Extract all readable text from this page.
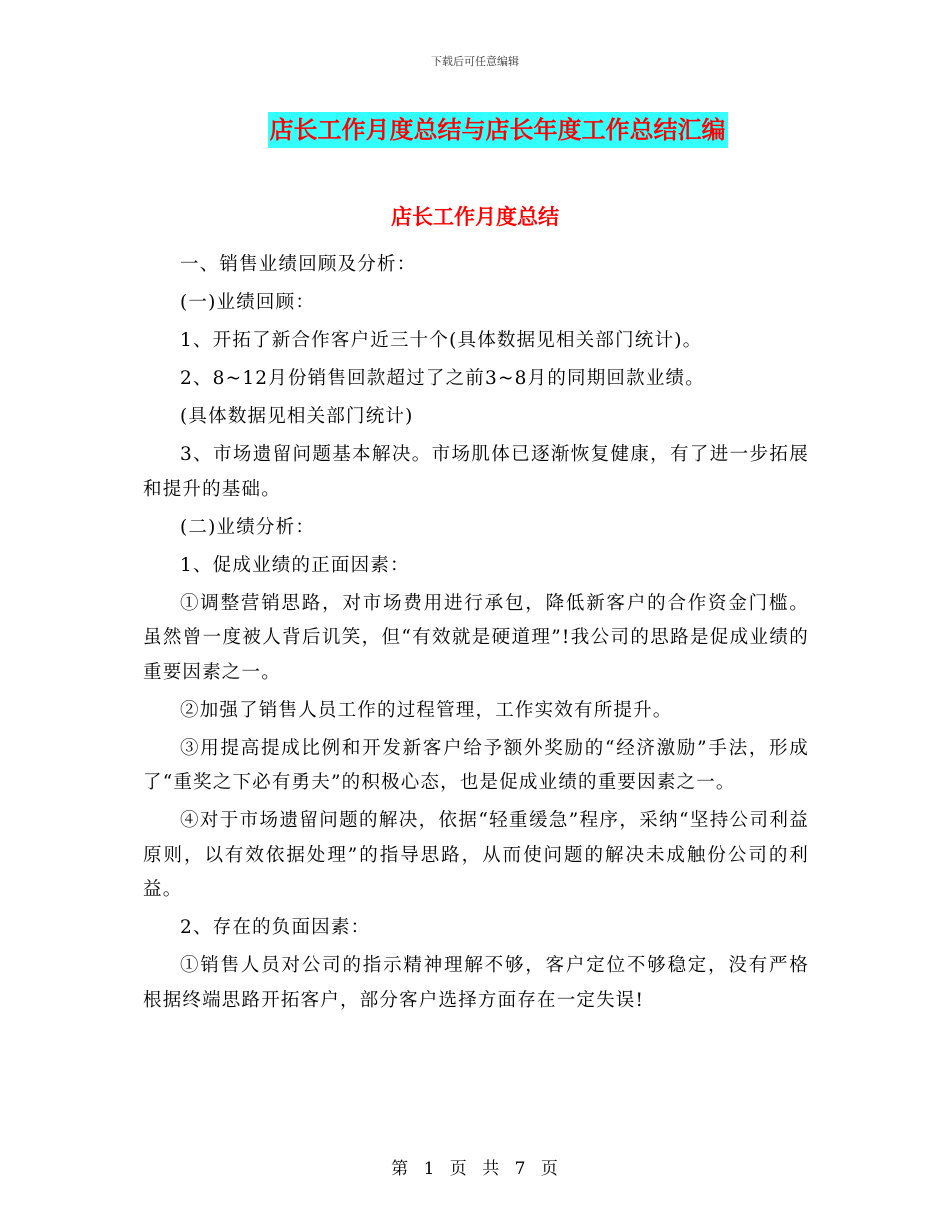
下载后可任意编辑
店长工作月度总结与店长年度工作总结汇编
店长工作月度总结

一、销售业绩回顾及分析：

(一)业绩回顾：

1、开拓了新合作客户近三十个(具体数据见相关部门统计)。

2、8~12月份销售回款超过了之前3~8月的同期回款业绩。

(具体数据见相关部门统计)

3、市场遗留问题基本解决。市场肌体已逐渐恢复健康，有了进一步拓展和提升的基础。

(二)业绩分析：

1、促成业绩的正面因素：

①调整营销思路，对市场费用进行承包，降低新客户的合作资金门槛。虽然曾一度被人背后讥笑，但“有效就是硬道理”!我公司的思路是促成业绩的重要因素之一。

②加强了销售人员工作的过程管理，工作实效有所提升。

③用提高提成比例和开发新客户给予额外奖励的“经济激励”手法，形成了“重奖之下必有勇夫”的积极心态，也是促成业绩的重要因素之一。

④对于市场遗留问题的解决，依据“轻重缓急”程序，采纳“坚持公司利益原则，以有效依据处理”的指导思路，从而使问题的解决未成触份公司的利益。

2、存在的负面因素：

①销售人员对公司的指示精神理解不够，客户定位不够稳定，没有严格根据终端思路开拓客户，部分客户选择方面存在一定失误!

第 1 页 共 7 页
